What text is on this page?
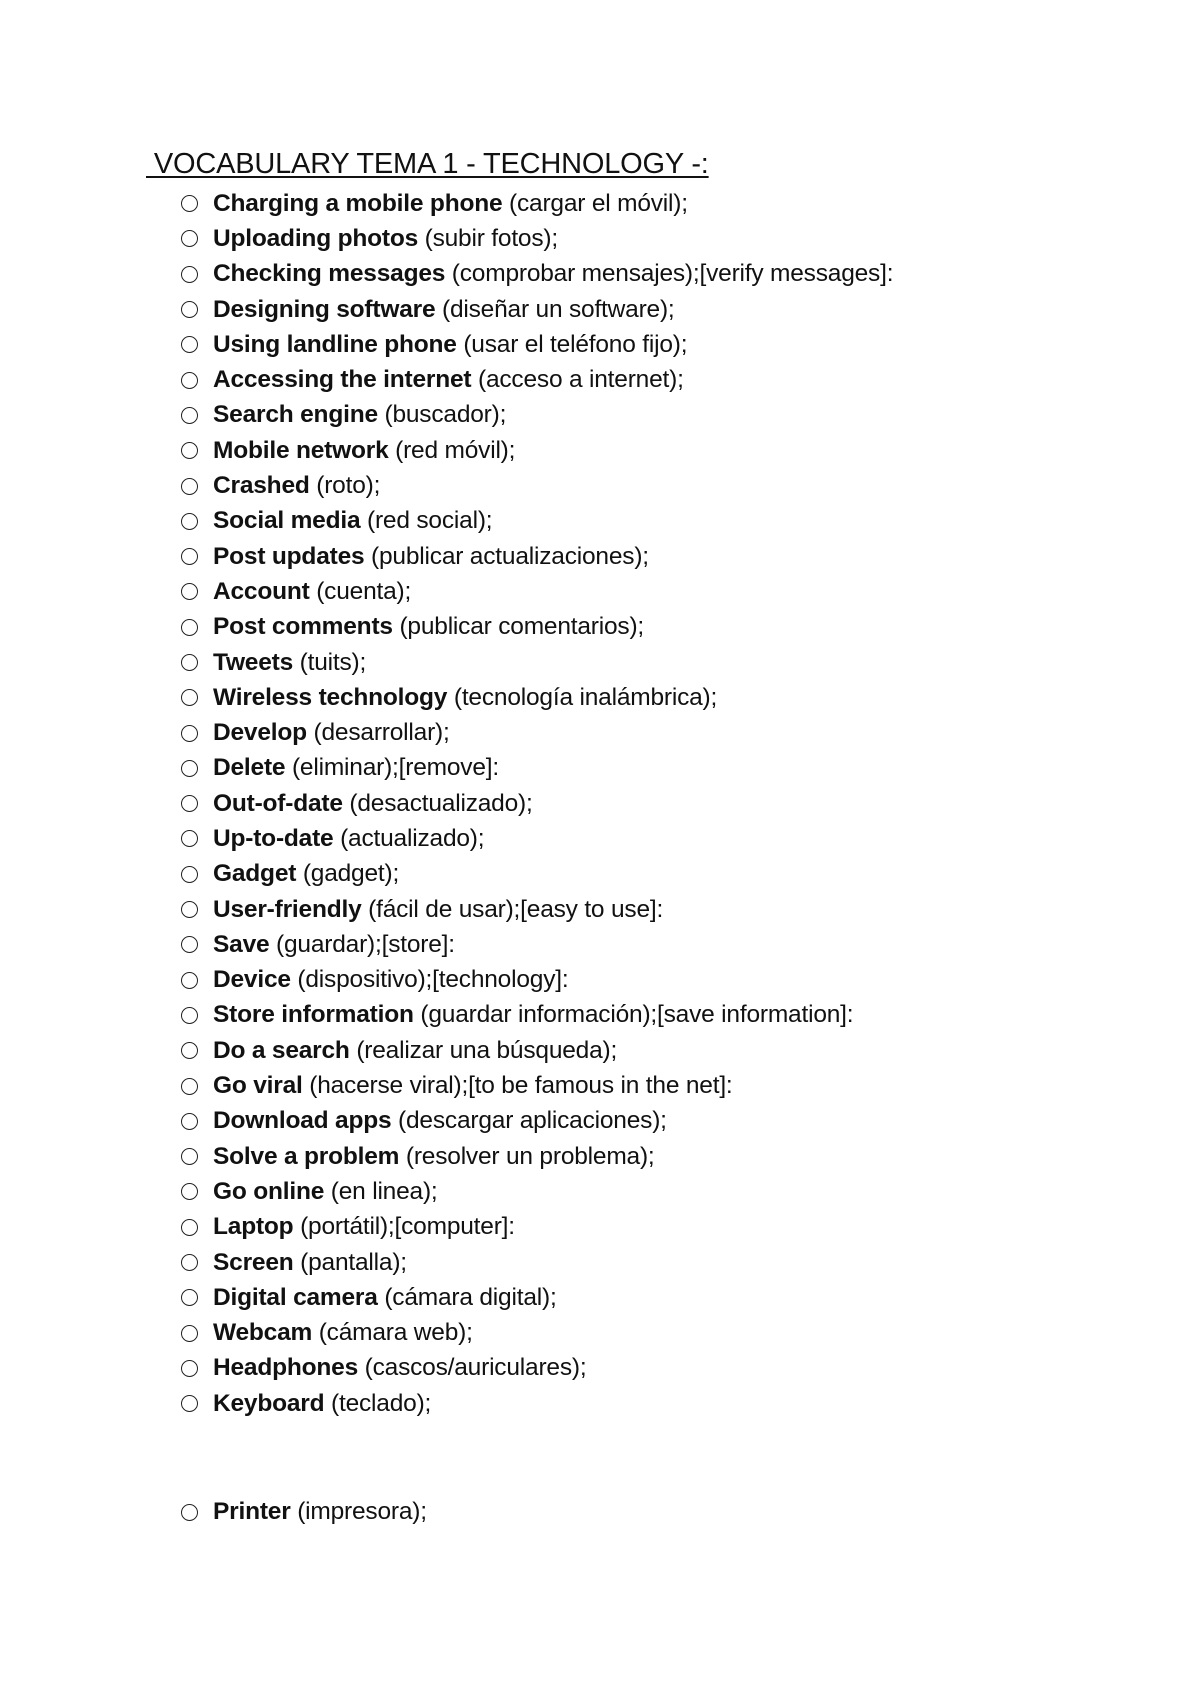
VOCABULARY TEMA 1 - TECHNOLOGY -:
Charging a mobile phone
(cargar el móvil);
Uploading photos
(subir fotos);
Checking messages
(comprobar mensajes);[verify messages]:
Designing software
(diseñar un software);
Using landline phone
(usar el teléfono fijo);
Accessing the internet
(acceso a internet);
Search engine
(buscador);
Mobile network
(red móvil);
Crashed
(roto);
Social media
(red social);
Post updates
(publicar actualizaciones);
Account
(cuenta);
Post comments
(publicar comentarios);
Tweets
(tuits);
Wireless technology
(tecnología inalámbrica);
Develop
(desarrollar);
Delete
(eliminar);[remove]:
Out-of-date
(desactualizado);
Up-to-date
(actualizado);
Gadget
(gadget);
User-friendly
(fácil de usar);[easy to use]:
Save
(guardar);[store]:
Device
(dispositivo);[technology]:
Store information
(guardar información);[save information]:
Do a search
(realizar una búsqueda);
Go viral
(hacerse viral);[to be famous in the net]:
Download apps
(descargar aplicaciones);
Solve a problem
(resolver un problema);
Go online
(en linea);
Laptop
(portátil);[computer]:
Screen
(pantalla);
Digital camera
(cámara digital);
Webcam
(cámara web);
Headphones
(cascos/auriculares);
Keyboard
(teclado);
Printer
(impresora);
